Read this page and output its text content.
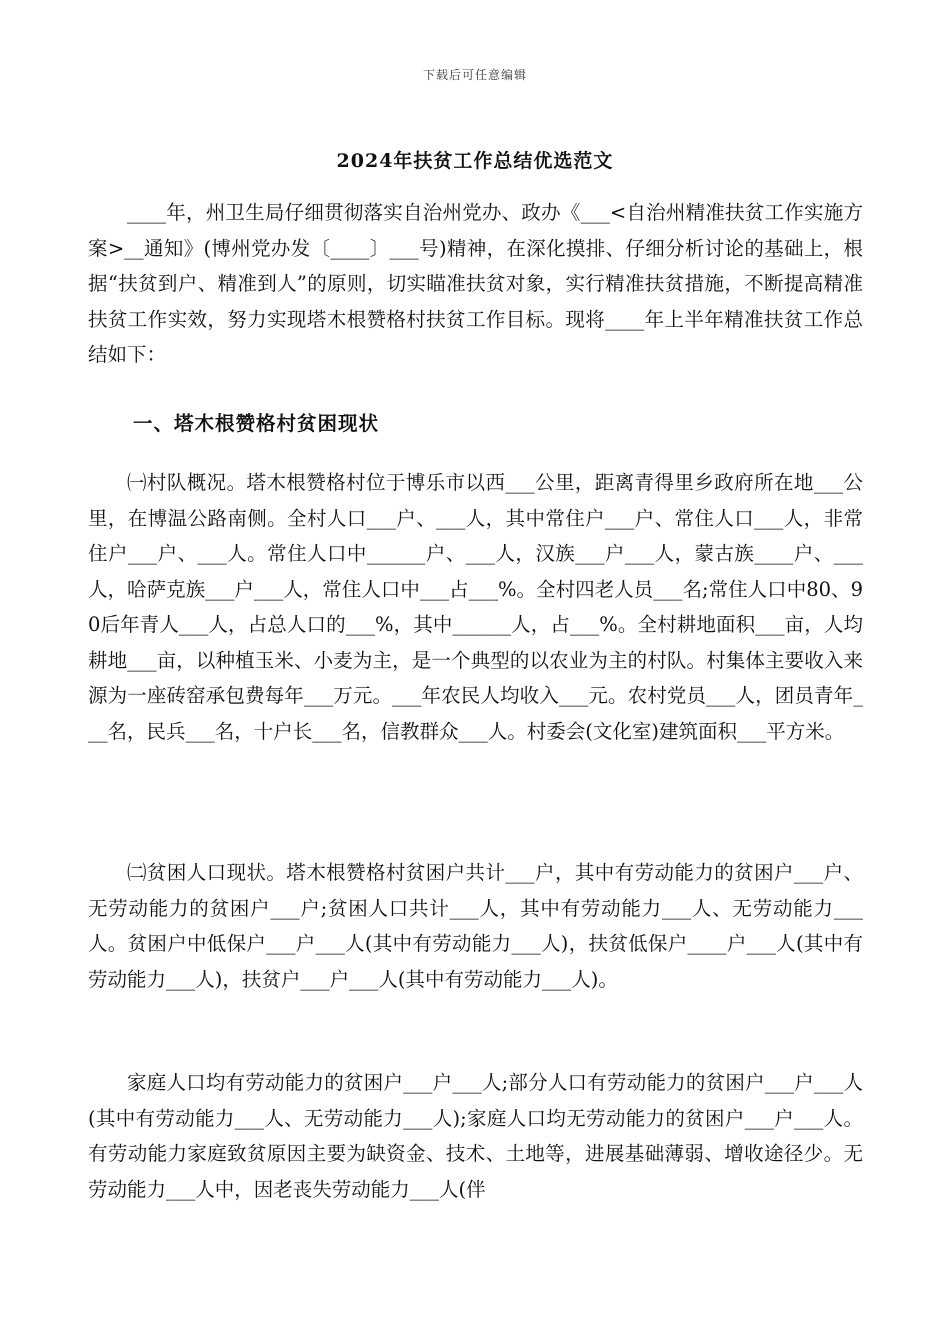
下载后可任意编辑
2024年扶贫工作总结优选范文

____年，州卫生局仔细贯彻落实自治州党办、政办《___<自治州精准扶贫工作实施方案>__通知》(博州党办发〔____〕___号)精神，在深化摸排、仔细分析讨论的基础上，根据“扶贫到户、精准到人”的原则，切实瞄准扶贫对象，实行精准扶贫措施，不断提高精准扶贫工作实效，努力实现塔木根赞格村扶贫工作目标。现将____年上半年精准扶贫工作总结如下：

一、塔木根赞格村贫困现状

㈠村队概况。塔木根赞格村位于博乐市以西___公里，距离青得里乡政府所在地___公里，在博温公路南侧。全村人口___户、___人，其中常住户___户、常住人口___人，非常住户___户、___人。常住人口中______户、___人，汉族___户___人，蒙古族____户、___人，哈萨克族___户___人，常住人口中___占___%。全村四老人员___名;常住人口中80、90后年青人___人，占总人口的___%，其中______人，占___%。全村耕地面积___亩，人均耕地___亩，以种植玉米、小麦为主，是一个典型的以农业为主的村队。村集体主要收入来源为一座砖窑承包费每年___万元。___年农民人均收入___元。农村党员___人，团员青年___名，民兵___名，十户长___名，信教群众___人。村委会(文化室)建筑面积___平方米。

㈡贫困人口现状。塔木根赞格村贫困户共计___户，其中有劳动能力的贫困户___户、无劳动能力的贫困户___户;贫困人口共计___人，其中有劳动能力___人、无劳动能力___人。贫困户中低保户___户___人(其中有劳动能力___人)，扶贫低保户____户___人(其中有劳动能力___人)，扶贫户___户___人(其中有劳动能力___人)。

家庭人口均有劳动能力的贫困户___户___人;部分人口有劳动能力的贫困户___户___人(其中有劳动能力___人、无劳动能力___人);家庭人口均无劳动能力的贫困户___户___人。有劳动能力家庭致贫原因主要为缺资金、技术、土地等，进展基础薄弱、增收途径少。无劳动能力___人中，因老丧失劳动能力___人(伴
